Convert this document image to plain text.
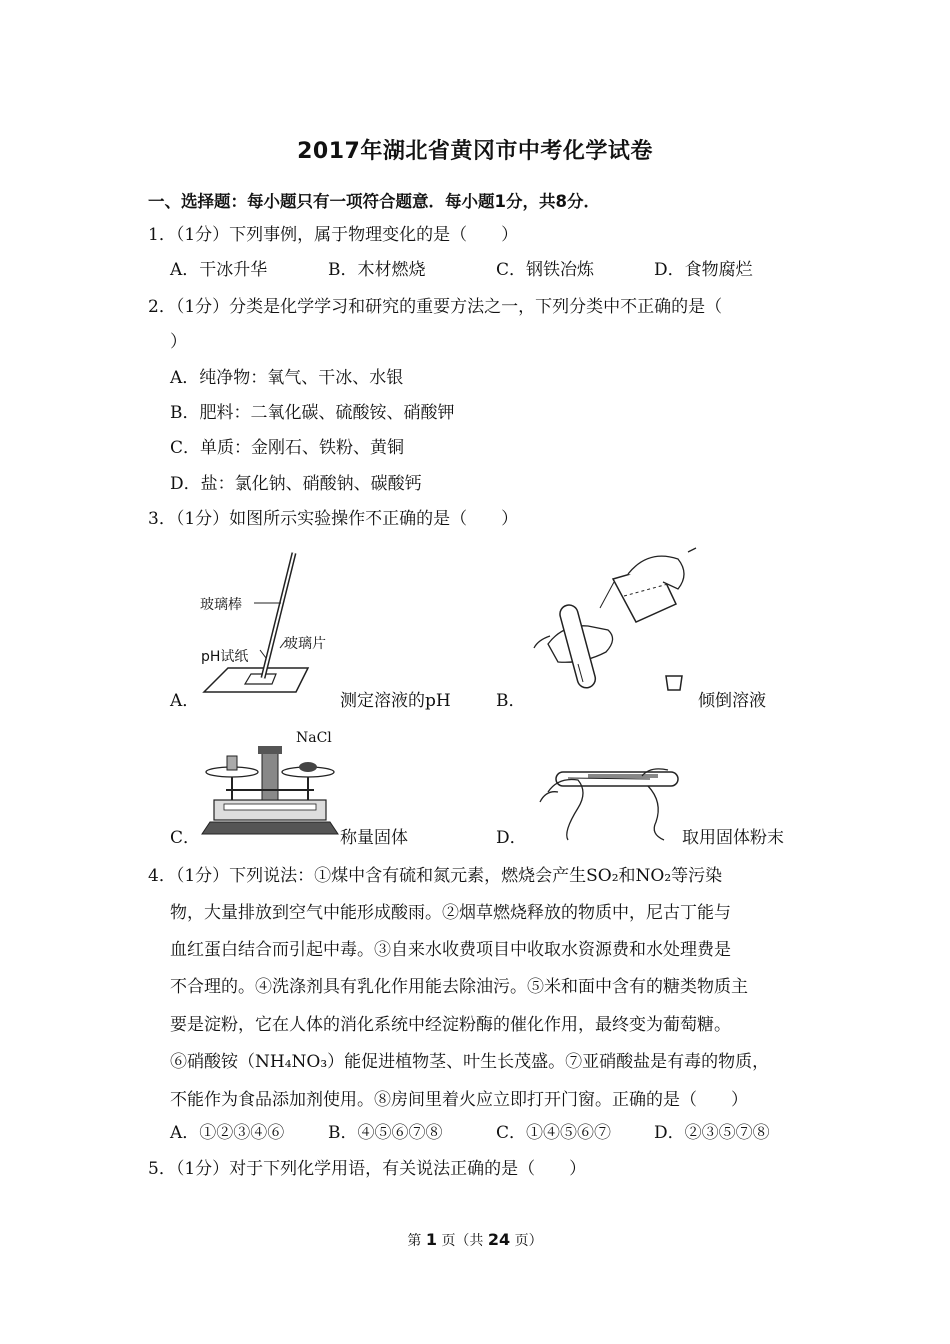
2017年湖北省黄冈市中考化学试卷
一、选择题：每小题只有一项符合题意．每小题1分，共8分．
1．（1分）下列事例，属于物理变化的是（　　）
A．干冰升华	B．木材燃烧	C．钢铁冶炼	D．食物腐烂
2．（1分）分类是化学学习和研究的重要方法之一，下列分类中不正确的是（
）
A．纯净物：氧气、干冰、水银
B．肥料：二氧化碳、硫酸铵、硝酸钾
C．单质：金刚石、铁粉、黄铜
D．盐：氯化钠、硝酸钠、碳酸钙
3．（1分）如图所示实验操作不正确的是（　　）
玻璃棒
pH试纸
玻璃片
A．	测定溶液的pH	B．	倾倒溶液
NaCl
C．	称量固体	D．	取用固体粉末
4．（1分）下列说法：①煤中含有硫和氮元素，燃烧会产生SO₂和NO₂等污染
物，大量排放到空气中能形成酸雨。②烟草燃烧释放的物质中，尼古丁能与
血红蛋白结合而引起中毒。③自来水收费项目中收取水资源费和水处理费是
不合理的。④洗涤剂具有乳化作用能去除油污。⑤米和面中含有的糖类物质主
要是淀粉，它在人体的消化系统中经淀粉酶的催化作用，最终变为葡萄糖。
⑥硝酸铵（NH₄NO₃）能促进植物茎、叶生长茂盛。⑦亚硝酸盐是有毒的物质，
不能作为食品添加剂使用。⑧房间里着火应立即打开门窗。正确的是（　　）
A．①②③④⑥	B．④⑤⑥⑦⑧	C．①④⑤⑥⑦	D．②③⑤⑦⑧
5．（1分）对于下列化学用语，有关说法正确的是（　　）
第 1 页（共 24 页）
